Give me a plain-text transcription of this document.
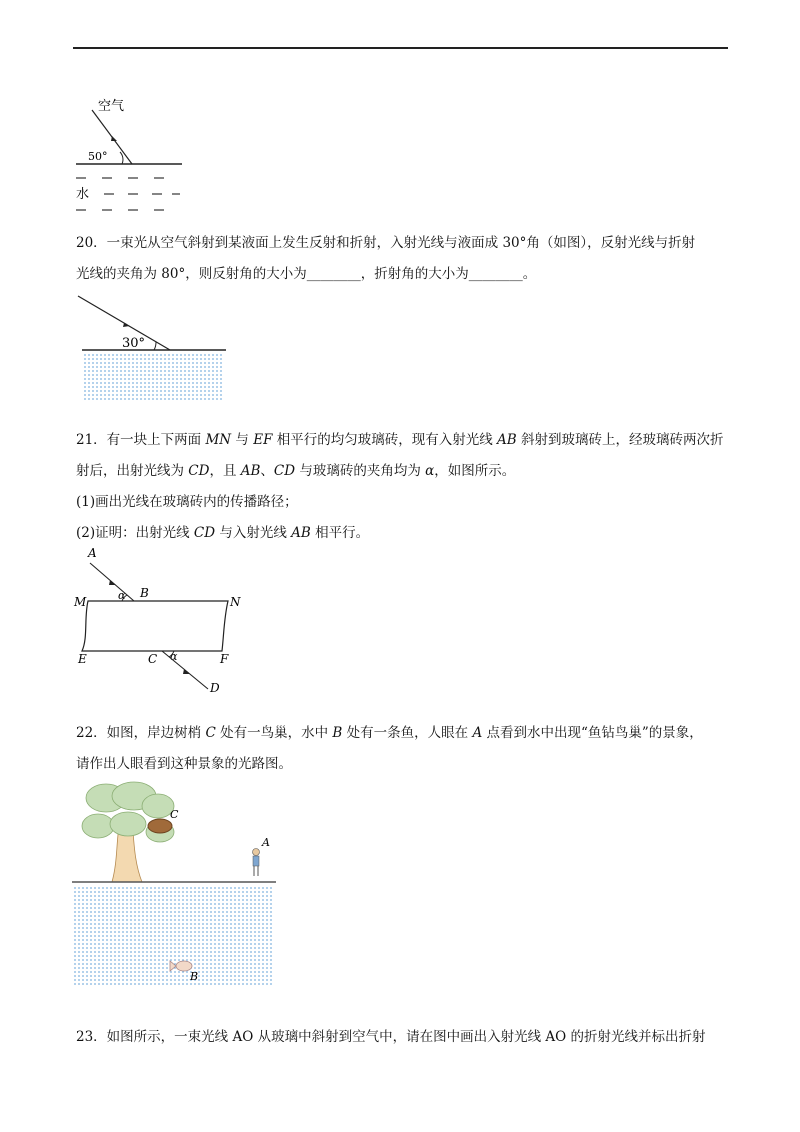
空气
50°
水
20．一束光从空气斜射到某液面上发生反射和折射，入射光线与液面成 30°角（如图），反射光线与折射
光线的夹角为 80°，则反射角的大小为________，折射角的大小为________。
30°
21．有一块上下两面 MN 与 EF 相平行的均匀玻璃砖，现有入射光线 AB 斜射到玻璃砖上，经玻璃砖两次折
射后，出射光线为 CD，且 AB、CD 与玻璃砖的夹角均为 α，如图所示。
(1)画出光线在玻璃砖内的传播路径；
(2)证明：出射光线 CD 与入射光线 AB 相平行。
A
B
M	N
E	C	F
D
α
α
22．如图，岸边树梢 C 处有一鸟巢，水中 B 处有一条鱼，人眼在 A 点看到水中出现“鱼钻鸟巢”的景象，
请作出人眼看到这种景象的光路图。
C
A
B
23．如图所示，一束光线 AO 从玻璃中斜射到空气中，请在图中画出入射光线 AO 的折射光线并标出折射
